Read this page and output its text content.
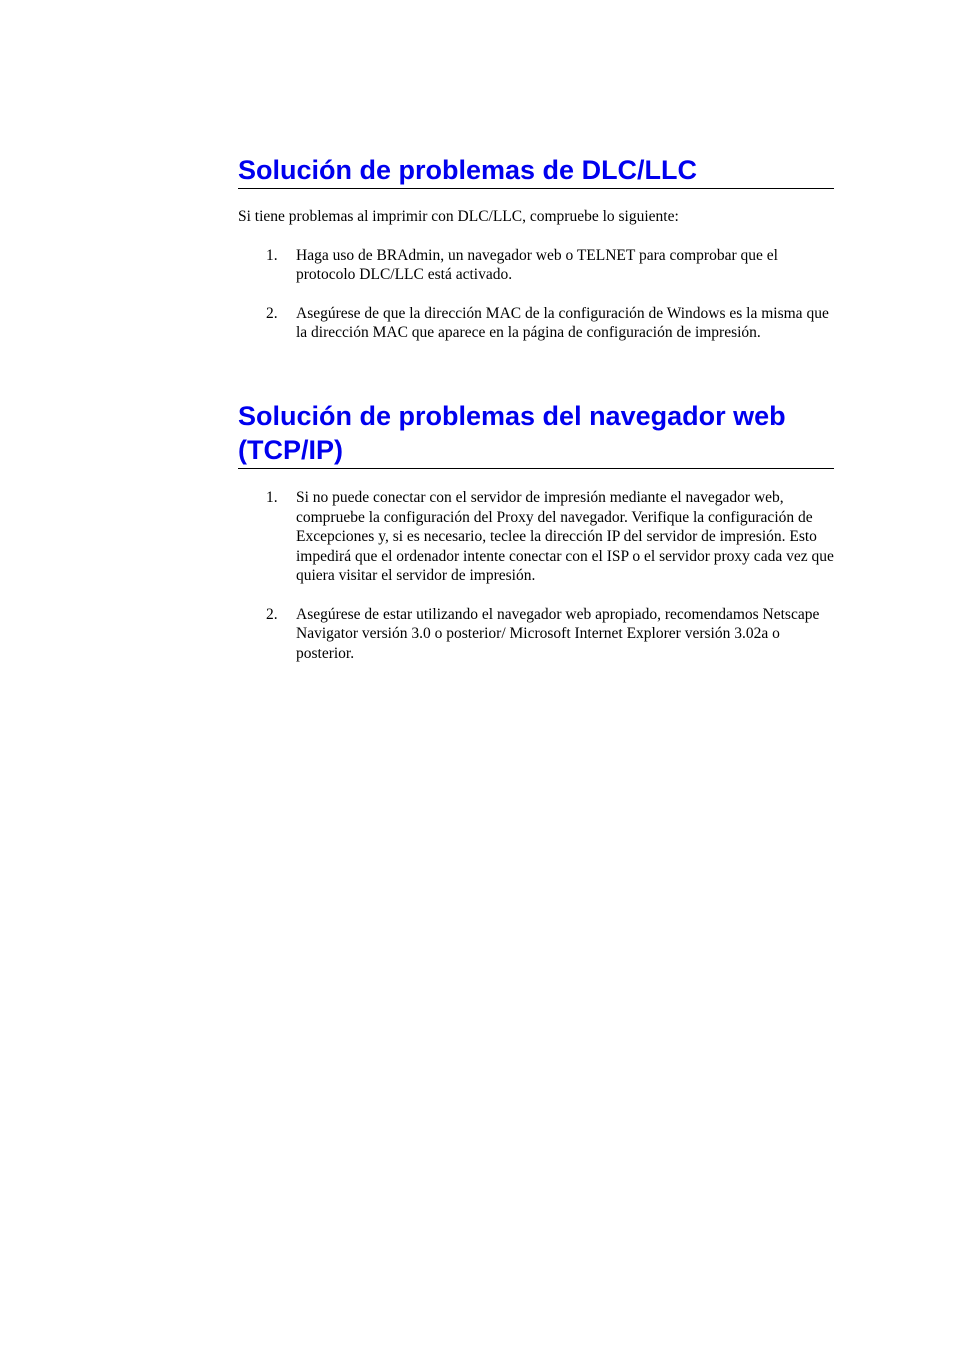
Solución de problemas de DLC/LLC

Si tiene problemas al imprimir con DLC/LLC, compruebe lo siguiente:

1. Haga uso de BRAdmin, un navegador web o TELNET para comprobar que el protocolo DLC/LLC está activado.
2. Asegúrese de que la dirección MAC de la configuración de Windows es la misma que la dirección MAC que aparece en la página de configuración de impresión.
Solución de problemas del navegador web (TCP/IP)
1. Si no puede conectar con el servidor de impresión mediante el navegador web, compruebe la configuración del Proxy del navegador. Verifique la configuración de Excepciones y, si es necesario, teclee la dirección IP del servidor de impresión. Esto impedirá que el ordenador intente conectar con el ISP o el servidor proxy cada vez que quiera visitar el servidor de impresión.
2. Asegúrese de estar utilizando el navegador web apropiado, recomendamos Netscape Navigator versión 3.0 o posterior/ Microsoft Internet Explorer versión 3.02a o posterior.
